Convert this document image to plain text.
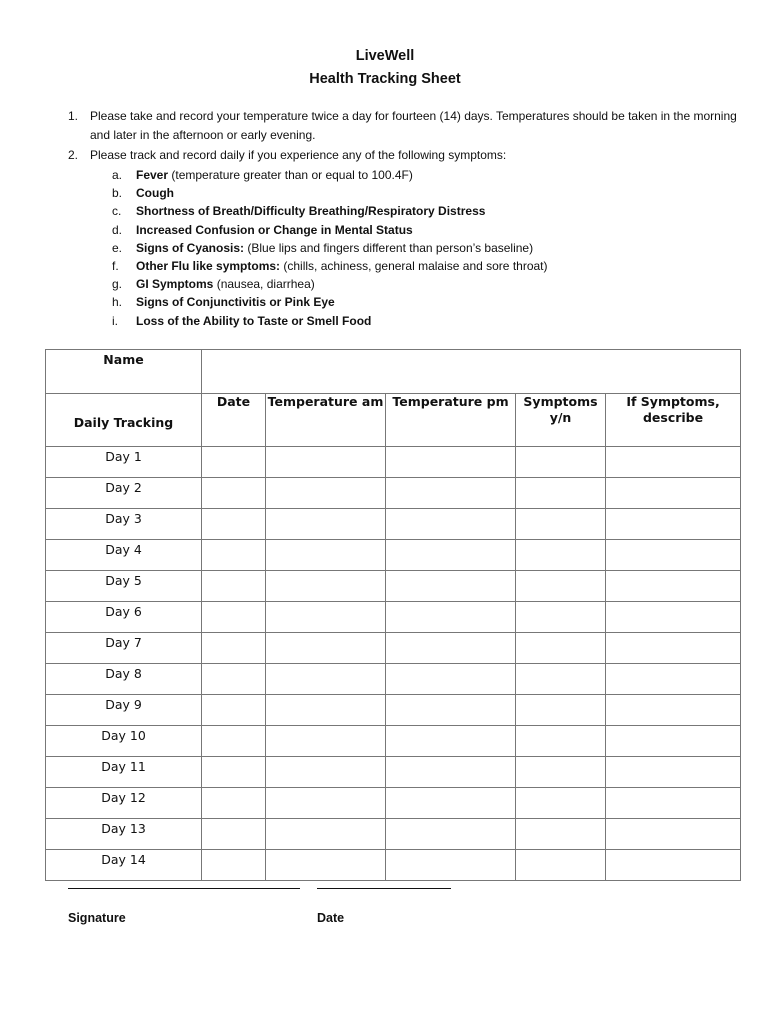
LiveWell
Health Tracking Sheet
1. Please take and record your temperature twice a day for fourteen (14) days. Temperatures should be taken in the morning and later in the afternoon or early evening.
2. Please track and record daily if you experience any of the following symptoms:
a. Fever (temperature greater than or equal to 100.4F)
b. Cough
c. Shortness of Breath/Difficulty Breathing/Respiratory Distress
d. Increased Confusion or Change in Mental Status
e. Signs of Cyanosis: (Blue lips and fingers different than person’s baseline)
f. Other Flu like symptoms: (chills, achiness, general malaise and sore throat)
g. GI Symptoms (nausea, diarrhea)
h. Signs of Conjunctivitis or Pink Eye
i. Loss of the Ability to Taste or Smell Food
Name					
Daily Tracking	Date	Temperature am	Temperature pm	Symptoms y/n	If Symptoms, describe
Day 1					
Day 2					
Day 3					
Day 4					
Day 5					
Day 6					
Day 7					
Day 8					
Day 9					
Day 10					
Day 11					
Day 12					
Day 13					
Day 14					
Signature	Date
